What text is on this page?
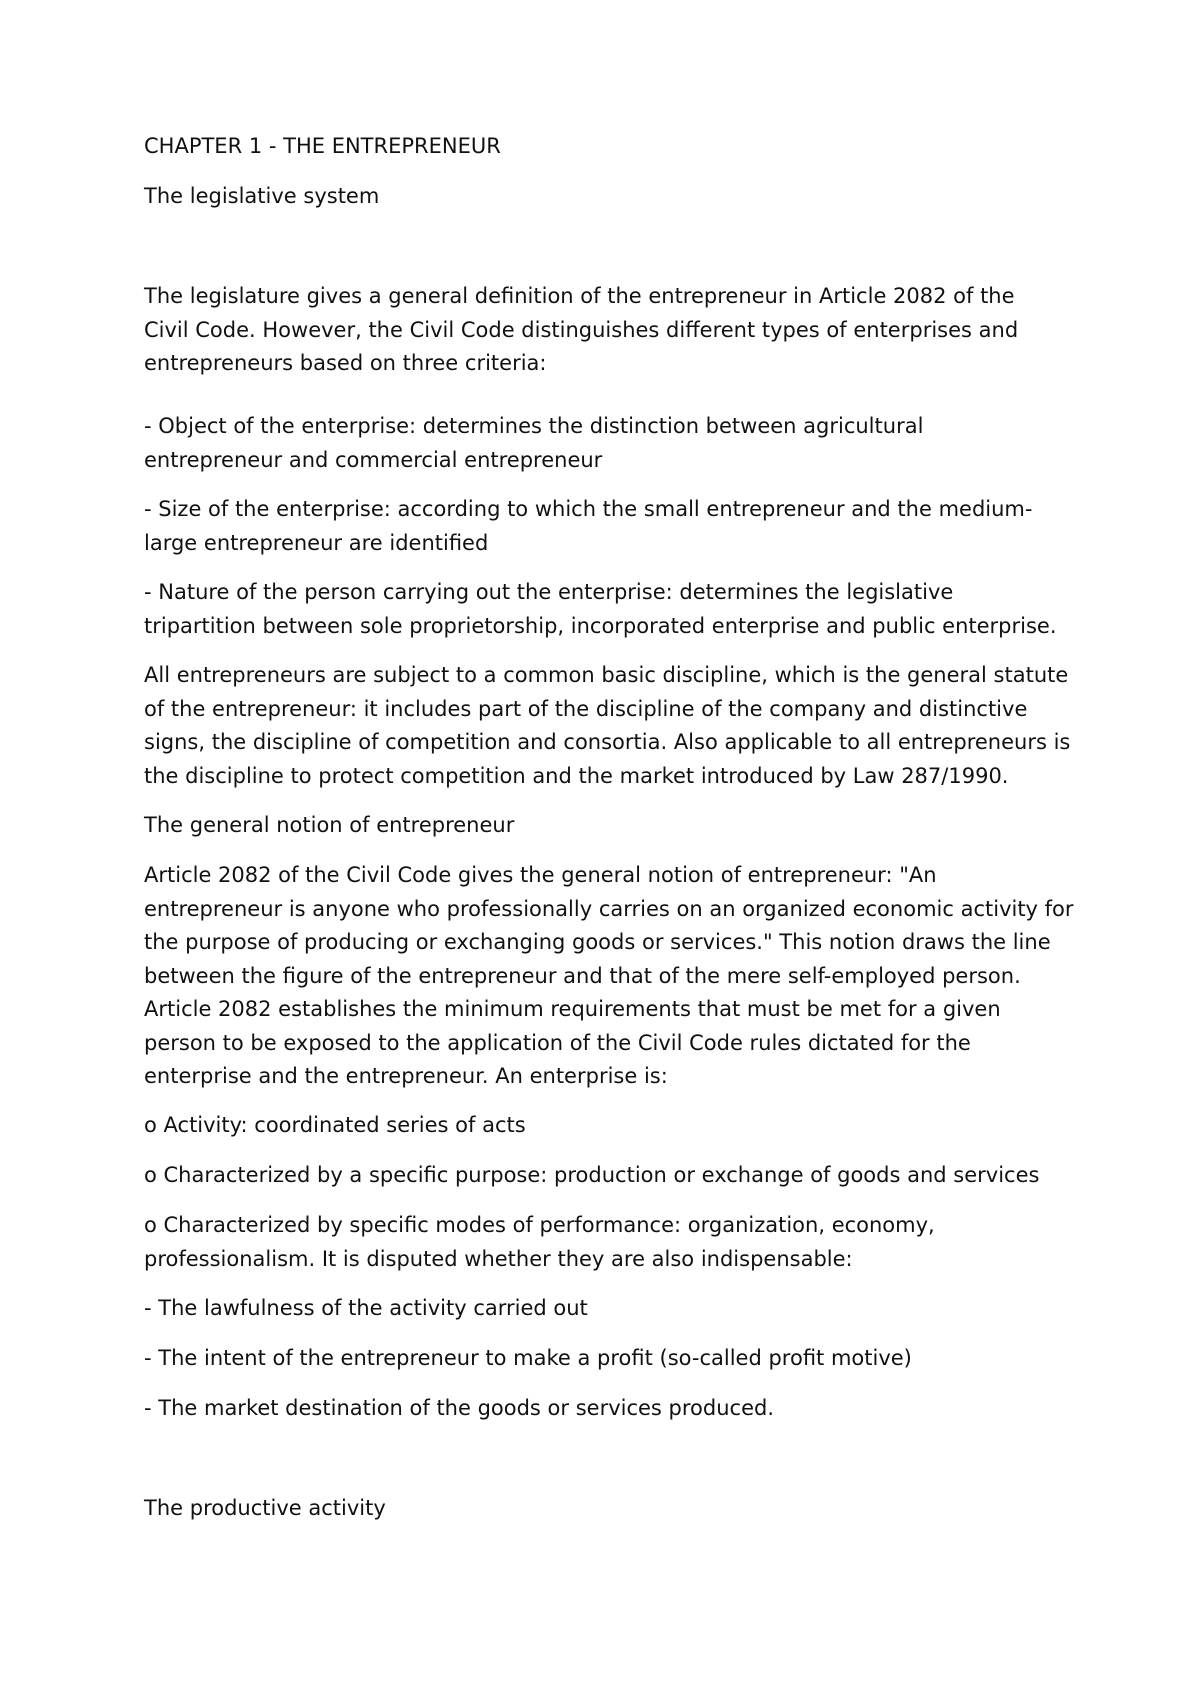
CHAPTER 1 - THE ENTREPRENEUR

The legislative system

The legislature gives a general definition of the entrepreneur in Article 2082 of the
Civil Code. However, the Civil Code distinguishes different types of enterprises and
entrepreneurs based on three criteria:

- Object of the enterprise: determines the distinction between agricultural
entrepreneur and commercial entrepreneur

- Size of the enterprise: according to which the small entrepreneur and the medium-
large entrepreneur are identified

- Nature of the person carrying out the enterprise: determines the legislative
tripartition between sole proprietorship, incorporated enterprise and public enterprise.

All entrepreneurs are subject to a common basic discipline, which is the general statute
of the entrepreneur: it includes part of the discipline of the company and distinctive
signs, the discipline of competition and consortia. Also applicable to all entrepreneurs is
the discipline to protect competition and the market introduced by Law 287/1990.

The general notion of entrepreneur

Article 2082 of the Civil Code gives the general notion of entrepreneur: "An
entrepreneur is anyone who professionally carries on an organized economic activity for
the purpose of producing or exchanging goods or services." This notion draws the line
between the figure of the entrepreneur and that of the mere self-employed person.
Article 2082 establishes the minimum requirements that must be met for a given
person to be exposed to the application of the Civil Code rules dictated for the
enterprise and the entrepreneur. An enterprise is:

o Activity: coordinated series of acts

o Characterized by a specific purpose: production or exchange of goods and services

o Characterized by specific modes of performance: organization, economy,
professionalism. It is disputed whether they are also indispensable:

- The lawfulness of the activity carried out

- The intent of the entrepreneur to make a profit (so-called profit motive)

- The market destination of the goods or services produced.

The productive activity
